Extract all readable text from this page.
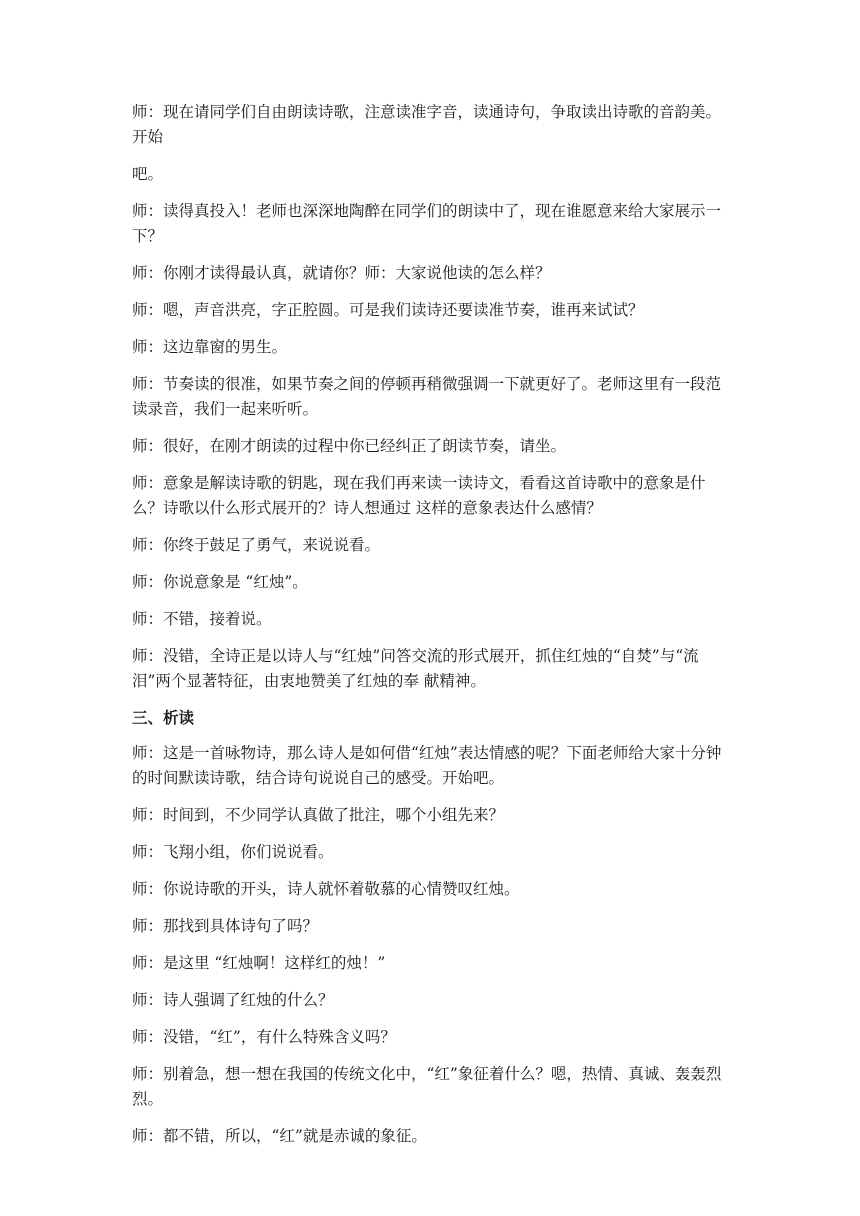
师：现在请同学们自由朗读诗歌，注意读准字音，读通诗句，争取读出诗歌的音韵美。开始

吧。

师：读得真投入！老师也深深地陶醉在同学们的朗读中了，现在谁愿意来给大家展示一下？

师：你刚才读得最认真，就请你？师：大家说他读的怎么样？

师：嗯，声音洪亮，字正腔圆。可是我们读诗还要读准节奏，谁再来试试？

师：这边靠窗的男生。

师：节奏读的很准，如果节奏之间的停顿再稍微强调一下就更好了。老师这里有一段范读录音，我们一起来听听。

师：很好，在刚才朗读的过程中你已经纠正了朗读节奏，请坐。

师：意象是解读诗歌的钥匙，现在我们再来读一读诗文，看看这首诗歌中的意象是什么？诗歌以什么形式展开的？诗人想通过 这样的意象表达什么感情？

师：你终于鼓足了勇气，来说说看。

师：你说意象是 “红烛”。

师：不错，接着说。

师：没错，全诗正是以诗人与“红烛”问答交流的形式展开，抓住红烛的“自焚”与“流泪”两个显著特征，由衷地赞美了红烛的奉 献精神。

三、析读

师：这是一首咏物诗，那么诗人是如何借“红烛”表达情感的呢？下面老师给大家十分钟的时间默读诗歌，结合诗句说说自己的感受。开始吧。

师：时间到，不少同学认真做了批注，哪个小组先来？

师：飞翔小组，你们说说看。

师：你说诗歌的开头，诗人就怀着敬慕的心情赞叹红烛。

师：那找到具体诗句了吗？

师：是这里 “红烛啊！这样红的烛！”

师：诗人强调了红烛的什么？

师：没错，“红”，有什么特殊含义吗？

师：别着急，想一想在我国的传统文化中，“红”象征着什么？嗯，热情、真诚、轰轰烈烈。

师：都不错，所以，“红”就是赤诚的象征。
